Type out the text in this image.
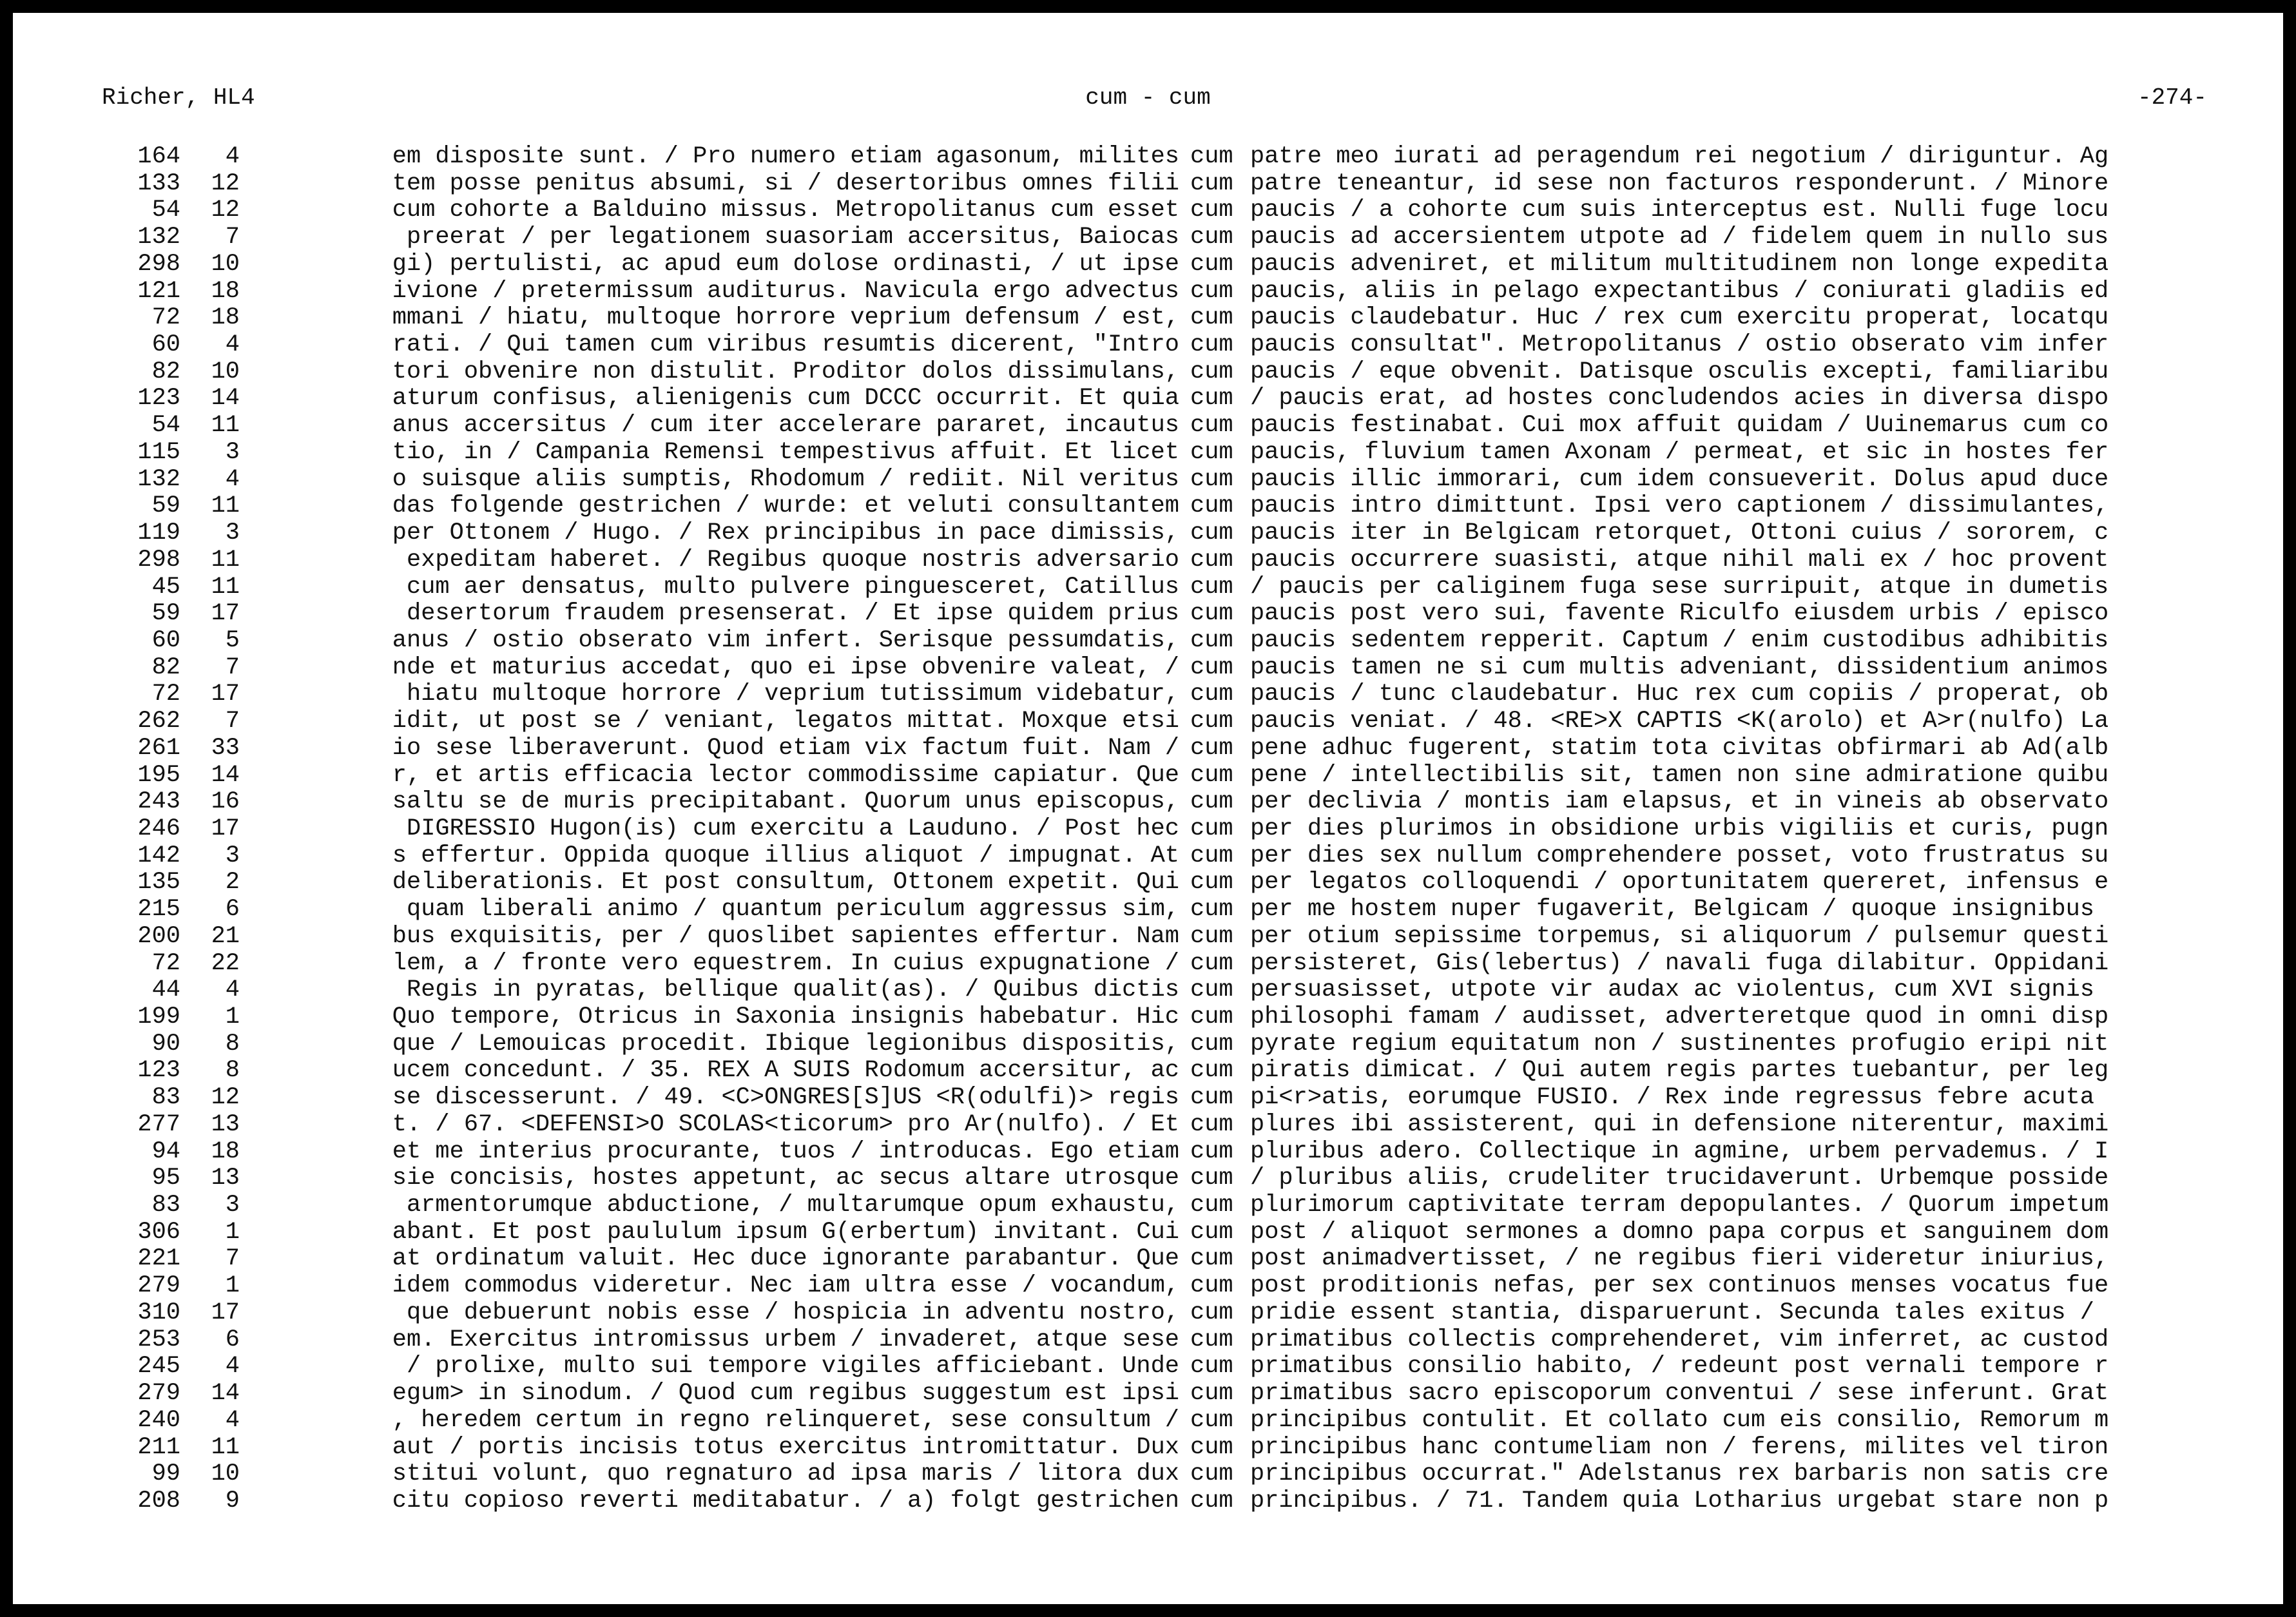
Richer, HL4	cum - cum	-274-
164	4	em disposite sunt. / Pro numero etiam agasonum, milites cum patre meo iurati ad peragendum rei negotium / diriguntur. Ag
133	12	tem posse penitus absumi, si / desertoribus omnes filii cum patre teneantur, id sese non facturos responderunt. / Minore
54	12	cum cohorte a Balduino missus. Metropolitanus cum esset cum paucis / a cohorte cum suis interceptus est. Nulli fuge locu
132	7	preerat / per legationem suasoriam accersitus, Baiocas cum paucis ad accersientem utpote ad / fidelem quem in nullo sus
298	10	gi) pertulisti, ac apud eum dolose ordinasti, / ut ipse cum paucis adveniret, et militum multitudinem non longe expedita
121	18	ivione / pretermissum auditurus. Navicula ergo advectus cum paucis, aliis in pelago expectantibus / coniurati gladiis ed
72	18	mmani / hiatu, multoque horrore veprium defensum / est, cum paucis claudebatur. Huc / rex cum exercitu properat, locatqu
60	4	rati. / Qui tamen cum viribus resumtis dicerent, "Intro cum paucis consultat". Metropolitanus / ostio obserato vim infer
82	10	tori obvenire non distulit. Proditor dolos dissimulans, cum paucis / eque obvenit. Datisque osculis excepti, familiaribu
123	14	aturum confisus, alienigenis cum DCCC occurrit. Et quia cum / paucis erat, ad hostes concludendos acies in diversa dispo
54	11	anus accersitus / cum iter accelerare pararet, incautus cum paucis festinabat. Cui mox affuit quidam / Uuinemarus cum co
115	3	tio, in / Campania Remensi tempestivus affuit. Et licet cum paucis, fluvium tamen Axonam / permeat, et sic in hostes fer
132	4	o suisque aliis sumptis, Rhodomum / rediit. Nil veritus cum paucis illic immorari, cum idem consueverit. Dolus apud duce
59	11	das folgende gestrichen / wurde: et veluti consultantem cum paucis intro dimittunt. Ipsi vero captionem / dissimulantes,
119	3	per Ottonem / Hugo. / Rex principibus in pace dimissis, cum paucis iter in Belgicam retorquet, Ottoni cuius / sororem, c
298	11	expeditam haberet. / Regibus quoque nostris adversario cum paucis occurrere suasisti, atque nihil mali ex / hoc provent
45	11	cum aer densatus, multo pulvere pinguesceret, Catillus cum / paucis per caliginem fuga sese surripuit, atque in dumetis
59	17	desertorum fraudem presenserat. / Et ipse quidem prius cum paucis post vero sui, favente Riculfo eiusdem urbis / episco
60	5	anus / ostio obserato vim infert. Serisque pessumdatis, cum paucis sedentem repperit. Captum / enim custodibus adhibitis
82	7	nde et maturius accedat, quo ei ipse obvenire valeat, / cum paucis tamen ne si cum multis adveniant, dissidentium animos
72	17	hiatu multoque horrore / veprium tutissimum videbatur, cum paucis / tunc claudebatur. Huc rex cum copiis / properat, ob
262	7	idit, ut post se / veniant, legatos mittat. Moxque etsi cum paucis veniat. / 48. <RE>X CAPTIS <K(arolo) et A>r(nulfo) La
261	33	io sese liberaverunt. Quod etiam vix factum fuit. Nam / cum pene adhuc fugerent, statim tota civitas obfirmari ab Ad(alb
195	14	r, et artis efficacia lector commodissime capiatur. Que cum pene / intellectibilis sit, tamen non sine admiratione quibu
243	16	saltu se de muris precipitabant. Quorum unus episcopus, cum per declivia / montis iam elapsus, et in vineis ab observato
246	17	DIGRESSIO Hugon(is) cum exercitu a Lauduno. / Post hec cum per dies plurimos in obsidione urbis vigiliis et curis, pugn
142	3	s effertur. Oppida quoque illius aliquot / impugnat. At cum per dies sex nullum comprehendere posset, voto frustratus su
135	2	deliberationis. Et post consultum, Ottonem expetit. Qui cum per legatos colloquendi / oportunitatem quereret, infensus e
215	6	quam liberali animo / quantum periculum aggressus sim, cum per me hostem nuper fugaverit, Belgicam / quoque insignibus
200	21	bus exquisitis, per / quoslibet sapientes effertur. Nam cum per otium sepissime torpemus, si aliquorum / pulsemur questi
72	22	lem, a / fronte vero equestrem. In cuius expugnatione / cum persisteret, Gis(lebertus) / navali fuga dilabitur. Oppidani
44	4	Regis in pyratas, bellique qualit(as). / Quibus dictis cum persuasisset, utpote vir audax ac violentus, cum XVI signis
199	1	Quo tempore, Otricus in Saxonia insignis habebatur. Hic cum philosophi famam / audisset, adverteretque quod in omni disp
90	8	que / Lemouicas procedit. Ibique legionibus dispositis, cum pyrate regium equitatum non / sustinentes profugio eripi nit
123	8	ucem concedunt. / 35. REX A SUIS Rodomum accersitur, ac cum piratis dimicat. / Qui autem regis partes tuebantur, per leg
83	12	se discesserunt. / 49. <C>ONGRES[S]US <R(odulfi)> regis cum pi<r>atis, eorumque FUSIO. / Rex inde regressus febre acuta
277	13	t. / 67. <DEFENSI>O SCOLAS<ticorum> pro Ar(nulfo). / Et cum plures ibi assisterent, qui in defensione niterentur, maximi
94	18	et me interius procurante, tuos / introducas. Ego etiam cum pluribus adero. Collectique in agmine, urbem pervademus. / I
95	13	sie concisis, hostes appetunt, ac secus altare utrosque cum / pluribus aliis, crudeliter trucidaverunt. Urbemque posside
83	3	armentorumque abductione, / multarumque opum exhaustu, cum plurimorum captivitate terram depopulantes. / Quorum impetum
306	1	abant. Et post paululum ipsum G(erbertum) invitant. Cui cum post / aliquot sermones a domno papa corpus et sanguinem dom
221	7	at ordinatum valuit. Hec duce ignorante parabantur. Que cum post animadvertisset, / ne regibus fieri videretur iniurius,
279	1	idem commodus videretur. Nec iam ultra esse / vocandum, cum post proditionis nefas, per sex continuos menses vocatus fue
310	17	que debuerunt nobis esse / hospicia in adventu nostro, cum pridie essent stantia, disparuerunt. Secunda tales exitus /
253	6	em. Exercitus intromissus urbem / invaderet, atque sese cum primatibus collectis comprehenderet, vim inferret, ac custod
245	4	/ prolixe, multo sui tempore vigiles afficiebant. Unde cum primatibus consilio habito, / redeunt post vernali tempore r
279	14	egum> in sinodum. / Quod cum regibus suggestum est ipsi cum primatibus sacro episcoporum conventui / sese inferunt. Grat
240	4	, heredem certum in regno relinqueret, sese consultum / cum principibus contulit. Et collato cum eis consilio, Remorum m
211	11	aut / portis incisis totus exercitus intromittatur. Dux cum principibus hanc contumeliam non / ferens, milites vel tiron
99	10	stitui volunt, quo regnaturo ad ipsa maris / litora dux cum principibus occurrat." Adelstanus rex barbaris non satis cre
208	9	citu copioso reverti meditabatur. / a) folgt gestrichen cum principibus. / 71. Tandem quia Lotharius urgebat stare non p
